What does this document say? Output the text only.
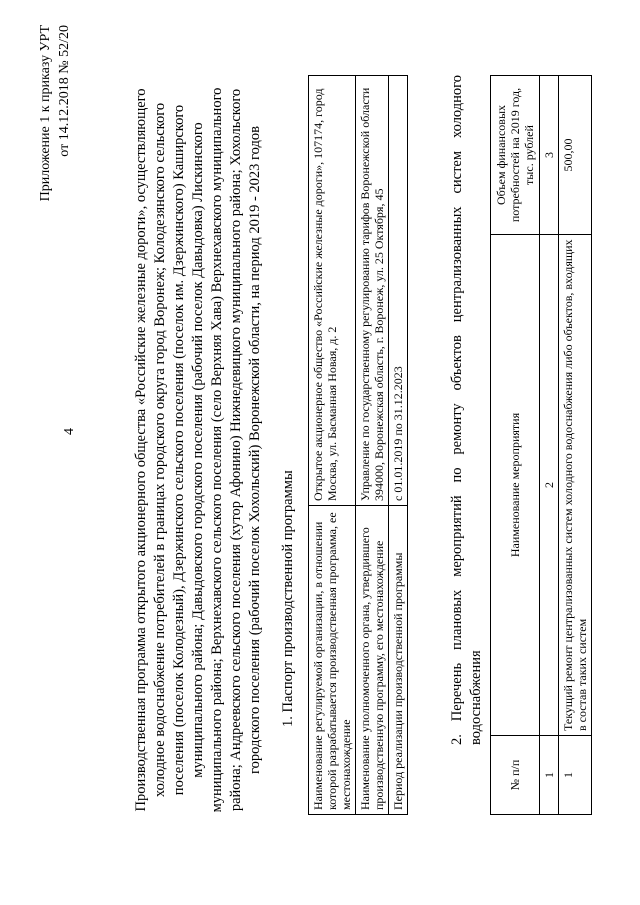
4
Приложение 1 к приказу УРТ от 14.12.2018 № 52/20	Производственная программа открытого акционерного общества «Российские железные дороги», осуществляющего холодное водоснабжение потребителей в границах городского округа город Воронеж; Колодезянского сельского поселения (поселок Колодезный), Дзержинского сельского поселения (поселок им. Дзержинского) Каширского муниципального района; Давыдовского городского поселения (рабочий поселок Давыдовка) Лискинского муниципального района; Верхнехавского сельского поселения (село Верхняя Хава) Верхнехавского муниципального района; Андреевского сельского поселения (хутор Афонино) Нижнедевицкого муниципального района; Хохольского городского поселения (рабочий поселок Хохольский) Воронежской области, на период 2019 - 2023 годов 1. Паспорт производственной программы Наименование регулируемой организации, в отношении которой разрабатывается производственная программа, ее местонахождение	Открытое акционерное общество «Российские железные дороги», 107174, город Москва, ул. Басманная Новая, д. 2
Наименование уполномоченного органа, утвердившего производственную программу, его местонахождение	Управление по государственному регулированию тарифов Воронежской области 394000, Воронежская область, г. Воронеж, ул. 25 Октября, 45
Период реализации производственной программы	с 01.01.2019 по 31.12.2023	2. Перечень плановых мероприятий по ремонту объектов централизованных систем холодного водоснабжения
№ п/п	Наименование мероприятия	Объем финансовых потребностей на 2019 год, тыс. рублей
1	2	3
1	Текущий ремонт централизованных систем холодного водоснабжения либо объектов, входящих в состав таких систем	500,00
